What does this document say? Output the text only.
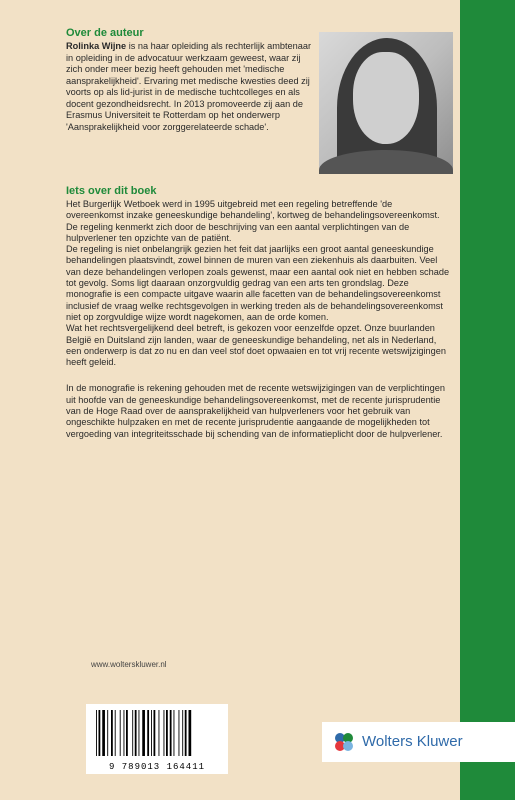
Over de auteur

Rolinka Wijne is na haar opleiding als rechterlijk ambtenaar in opleiding in de advocatuur werkzaam geweest, waar zij zich onder meer bezig heeft gehouden met 'medische aansprakelijkheid'. Ervaring met medische kwesties deed zij voorts op als lid-jurist in de medische tuchtcolleges en als docent gezondheidsrecht. In 2013 promoveerde zij aan de Erasmus Universiteit te Rotterdam op het onderwerp 'Aansprakelijkheid voor zorggerelateerde schade'.

Iets over dit boek

Het Burgerlijk Wetboek werd in 1995 uitgebreid met een regeling betreffende 'de overeenkomst inzake geneeskundige behandeling', kortweg de behandelingsovereenkomst. De regeling kenmerkt zich door de beschrijving van een aantal verplichtingen van de hulpverlener ten opzichte van de patiënt.

De regeling is niet onbelangrijk gezien het feit dat jaarlijks een groot aantal geneeskundige behandelingen plaatsvindt, zowel binnen de muren van een ziekenhuis als daarbuiten. Veel van deze behandelingen verlopen zoals gewenst, maar een aantal ook niet en hebben schade tot gevolg. Soms ligt daaraan onzorgvuldig gedrag van een arts ten grondslag. Deze monografie is een compacte uitgave waarin alle facetten van de behandelingsovereenkomst inclusief de vraag welke rechtsgevolgen in werking treden als de behandelingsovereenkomst niet op zorgvuldige wijze wordt nagekomen, aan de orde komen.

Wat het rechtsvergelijkend deel betreft, is gekozen voor eenzelfde opzet. Onze buurlanden België en Duitsland zijn landen, waar de geneeskundige behandeling, net als in Nederland, een onderwerp is dat zo nu en dan veel stof doet opwaaien en tot vrij recente wetswijzigingen heeft geleid.

In de monografie is rekening gehouden met de recente wetswijzigingen van de verplichtingen uit hoofde van de geneeskundige behandelingsovereenkomst, met de recente jurisprudentie van de Hoge Raad over de aansprakelijkheid van hulpverleners voor het gebruik van ongeschikte hulpzaken en met de recente jurisprudentie aangaande de mogelijkheden tot vergoeding van integriteitsschade bij schending van de informatieplicht door de hulpverlener.

www.wolterskluwer.nl
9 789013 164411
Wolters Kluwer
